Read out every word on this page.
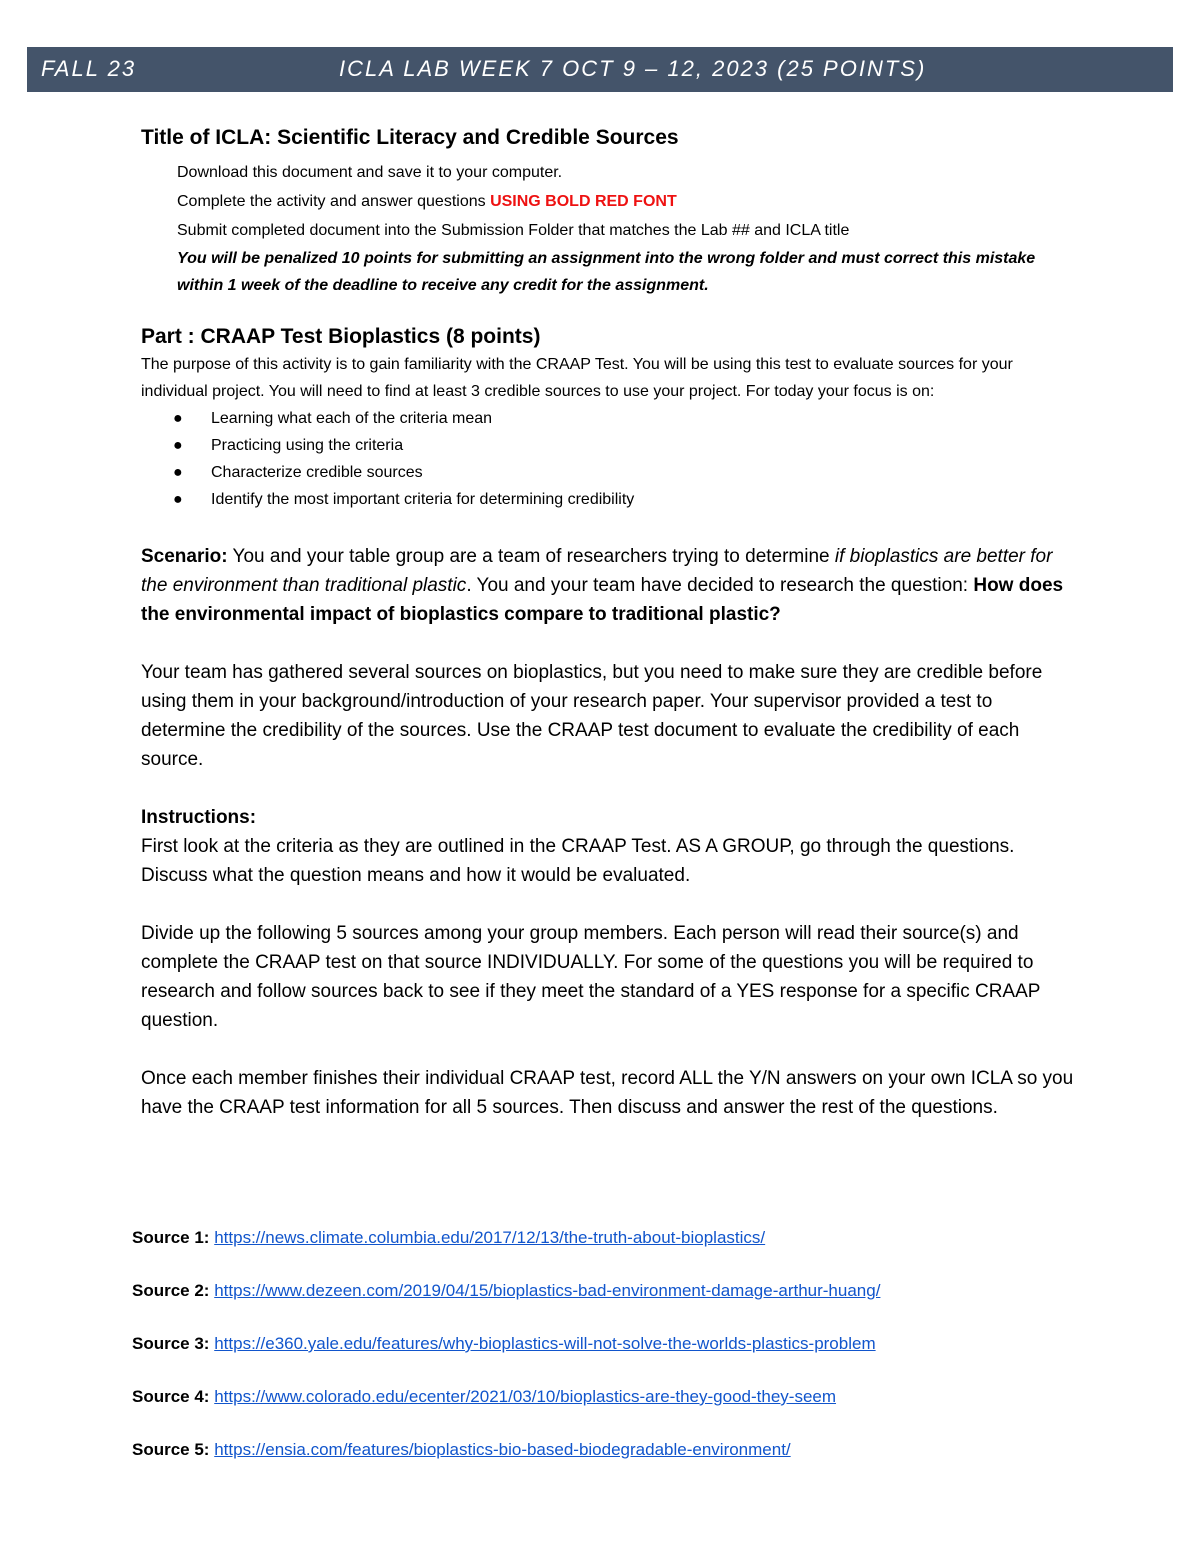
FALL 23	ICLA LAB WEEK 7 OCT 9 – 12, 2023 (25 POINTS)
Title of ICLA: Scientific Literacy and Credible Sources
Download this document and save it to your computer.
Complete the activity and answer questions USING BOLD RED FONT
Submit completed document into the Submission Folder that matches the Lab ## and ICLA title
You will be penalized 10 points for submitting an assignment into the wrong folder and must correct this mistake within 1 week of the deadline to receive any credit for the assignment.
Part : CRAAP Test Bioplastics (8 points)
The purpose of this activity is to gain familiarity with the CRAAP Test. You will be using this test to evaluate sources for your individual project. You will need to find at least 3 credible sources to use your project. For today your focus is on:
● Learning what each of the criteria mean
● Practicing using the criteria
● Characterize credible sources
● Identify the most important criteria for determining credibility
Scenario: You and your table group are a team of researchers trying to determine if bioplastics are better for the environment than traditional plastic. You and your team have decided to research the question: How does the environmental impact of bioplastics compare to traditional plastic?
Your team has gathered several sources on bioplastics, but you need to make sure they are credible before using them in your background/introduction of your research paper. Your supervisor provided a test to determine the credibility of the sources. Use the CRAAP test document to evaluate the credibility of each source.
Instructions:
First look at the criteria as they are outlined in the CRAAP Test. AS A GROUP, go through the questions. Discuss what the question means and how it would be evaluated.
Divide up the following 5 sources among your group members. Each person will read their source(s) and complete the CRAAP test on that source INDIVIDUALLY. For some of the questions you will be required to research and follow sources back to see if they meet the standard of a YES response for a specific CRAAP question.
Once each member finishes their individual CRAAP test, record ALL the Y/N answers on your own ICLA so you have the CRAAP test information for all 5 sources. Then discuss and answer the rest of the questions.
Source 1: https://news.climate.columbia.edu/2017/12/13/the-truth-about-bioplastics/
Source 2: https://www.dezeen.com/2019/04/15/bioplastics-bad-environment-damage-arthur-huang/
Source 3: https://e360.yale.edu/features/why-bioplastics-will-not-solve-the-worlds-plastics-problem
Source 4: https://www.colorado.edu/ecenter/2021/03/10/bioplastics-are-they-good-they-seem
Source 5: https://ensia.com/features/bioplastics-bio-based-biodegradable-environment/
